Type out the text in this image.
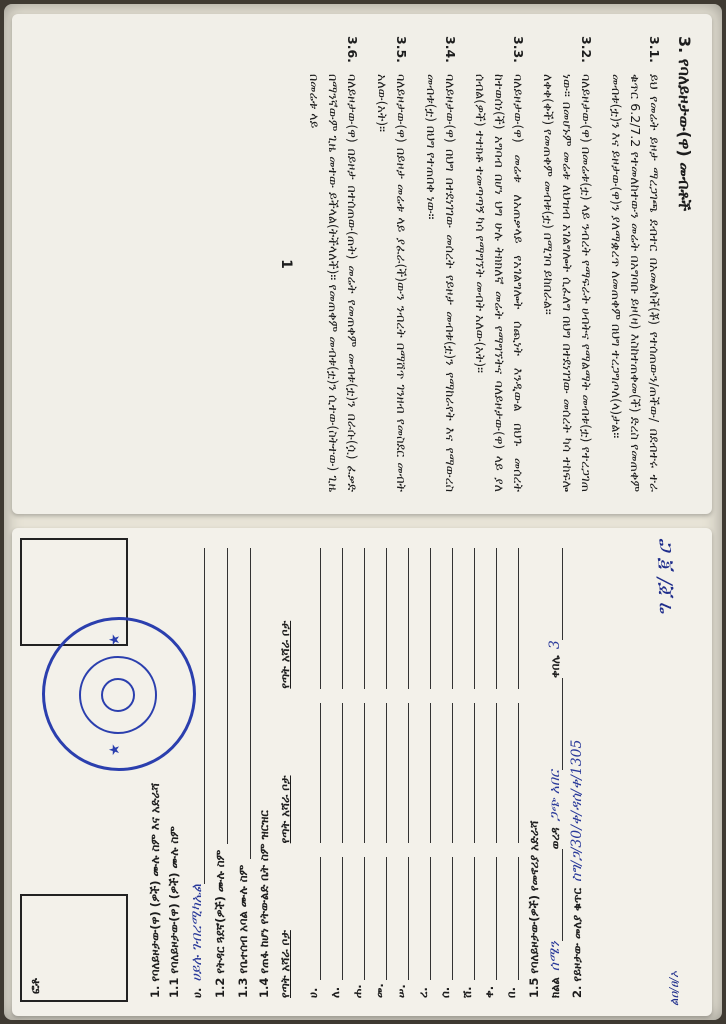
3. የባለይዞታው(ዋ) መብቶች
3.1.
ይህ የመሬት ይዞታ ማረጋገጫ ደብተር በአመልካች(ቾ) የተሰጠውን/ጠችው/ በደብተሩ ተራ ቁጥር 6.2/7.2 የተመለከተውን መሬት በአግባቡ ይዞ(ዛ) እስከተጠቀመ(ች) ድረስ የመጠቀም መብቱ(ቷ)ን እና ይዞታው(ዋ)ን ያለማቋረጥ ለመጠቀም በህግ ተረጋግጦለ(ላ)ታል።
3.2.
ባለይዞታው(ዋ) በመሬቱ(ቷ) ላይ ንብረት የማፍራት ሀብትና የማልማት መብቱ(ቷ) የተረጋገጠ ነው። በመሆኑም መሬቱ ለህዝብ አገልግሎት ሲፈለግ በህግ በተደነገገው መሰረት ካሳ ተከፍሎ ለቀቀ(ቀች) የመጠቀም መብቱ(ቷ) በሚገባ ይከበራል።
3.3.
ባለይዞታው(ዋ) መሬቱ ለአጠቃላይ የአገልግሎት ሰጪነት እንዲውል በህጉ መሰረት ከተወሰነ(ች) አግባብ በሆነ ህግ ሁሉ ትክክለኛ መሬት የማግኘትና ባለይዞታው(ዋ) ላይ ያለ ሰብል(ዎች) ተተክቶ ተመጣጣኝ ካሳ የማግኘት መብት አለው(አት)።
3.4.
ባለይዞታው(ዋ) በህግ በተደነገገው መሰረት የይዞታ መብቱ(ቷ)ን የማከራየት እና የማውረስ መብቱ(ቷ) በህግ የተጠበቀ ነው።
3.5.
ባለይዞታው(ዋ) በይዞታ መሬቱ ላይ ያፈራ(ች)ውን ንብረት በማሸጥ ገንዘብ የመስደር መብት አለው(አት)።
3.6.
ባለይዞታው(ዋ) በይዞታ በተሰጠው(ጠት) መሬት የመጠቀም መብቱ(ቷ)ን በራሱ(ሷ) ፈቃድ በማንኛውም ጊዜ መተው ይችላል(ትችላለች)። የመጠቀም መብቱ(ቷ)ን ሲተው(ስትተው) ጊዜ በመሬቱ ላይ
1
ፎቶ
★
★
1. የባለይዞታው(ዋ) (ዎች) ሙሉ ስም እና አድራሻ 1.1 የባለይዞታው(ዋ) (ዎች) ሙሉ ስም ሀ.
ሀይሉ ገብረሚካኤል 1.2 የትዳር ጓደኛ(ዎች) ሙሉ ስም 1.3 የቤተሰብ አባል ሙሉ ስም 1.4 የጠፋ ከሆነ የትውልድ ቤት ስም ዝርዝር የጣት አሻራ ቦታ ሀ. ለ. ሐ. መ. ሠ. ረ. ሰ. ሸ. ቀ. በ.
የጣት አሻራ ቦታ
የጣት አሻራ ቦታ
1.5 የባለይዞታው(ዎች) የመኖሪያ አድራሻ ክልል
ሰሜን
ወረዳ
ጋጭ አበር
ቀበሌ
3
2. የይዞታው መለያ ቁጥር
ስግ/ጋ/30/ቀ/ዳሰ/ቀ/1305
ግ ጀ/ ፪ ሮ
ልዐ/ፀ/ኦ
